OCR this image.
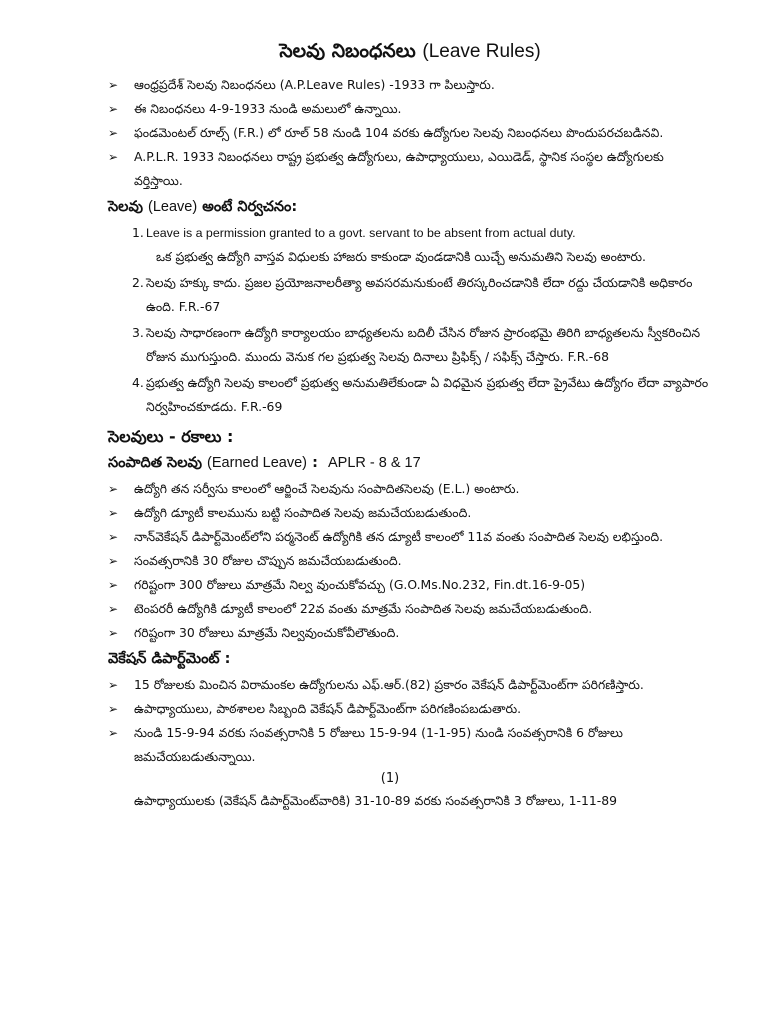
సెలవు నిబంధనలు (Leave Rules)
➢ ఆంధ్రప్రదేశ్ సెలవు నిబంధనలు (A.P.Leave Rules) -1933 గా పిలుస్తారు.
➢ ఈ నిబంధనలు 4-9-1933 నుండి అమలులో ఉన్నాయి.
➢ ఫండమెంటల్ రూల్స్ (F.R.) లో రూల్ 58 నుండి 104 వరకు ఉద్యోగుల సెలవు నిబంధనలు పొందుపరచబడినవి.
➢ A.P.L.R. 1933 నిబంధనలు రాష్ట్ర ప్రభుత్వ ఉద్యోగులు, ఉపాధ్యాయులు, ఎయిడెడ్, స్థానిక సంస్థల ఉద్యోగులకు వర్తిస్తాయి.
సెలవు (Leave) అంటే నిర్వచనం:
1. Leave is a permission granted to a govt. servant to be absent from actual duty.
ఒక ప్రభుత్వ ఉద్యోగి వాస్తవ విధులకు హాజరు కాకుండా వుండడానికి యిచ్చే అనుమతిని సెలవు అంటారు.
2. సెలవు హక్కు కాదు. ప్రజల ప్రయోజనాలరీత్యా అవసరమనుకుంటే తిరస్కరించడానికి లేదా రద్దు చేయడానికి అధికారం ఉంది. F.R.-67
3. సెలవు సాధారణంగా ఉద్యోగి కార్యాలయం బాధ్యతలను బదిలీ చేసిన రోజున ప్రారంభమై తిరిగి బాధ్యతలను స్వీకరించిన రోజున ముగుస్తుంది. ముందు వెనుక గల ప్రభుత్వ సెలవు దినాలు ప్రిఫిక్స్ / సఫిక్స్ చేస్తారు. F.R.-68
4. ప్రభుత్వ ఉద్యోగి సెలవు కాలంలో ప్రభుత్వ అనుమతిలేకుండా ఏ విధమైన ప్రభుత్వ లేదా ప్రైవేటు ఉద్యోగం లేదా వ్యాపారం నిర్వహించకూడదు. F.R.-69
సెలవులు - రకాలు :
సంపాదిత సెలవు (Earned Leave) : APLR - 8 & 17
➢ ఉద్యోగి తన సర్వీసు కాలంలో ఆర్జించే సెలవును సంపాదితసెలవు (E.L.) అంటారు.
➢ ఉద్యోగి డ్యూటీ కాలమును బట్టి సంపాదిత సెలవు జమచేయబడుతుంది.
➢ నాన్‌వెకేషన్ డిపార్ట్‌మెంట్‌లోని పర్మనెంట్ ఉద్యోగికి తన డ్యూటీ కాలంలో 11వ వంతు సంపాదిత సెలవు లభిస్తుంది.
➢ సంవత్సరానికి 30 రోజుల చొప్పున జమచేయబడుతుంది.
➢ గరిష్టంగా 300 రోజులు మాత్రమే నిల్వ వుంచుకోవచ్చు (G.O.Ms.No.232, Fin.dt.16-9-05)
➢ టెంపరరీ ఉద్యోగికి డ్యూటీ కాలంలో 22వ వంతు మాత్రమే సంపాదిత సెలవు జమచేయబడుతుంది.
➢ గరిష్టంగా 30 రోజులు మాత్రమే నిల్వవుంచుకోవీలౌతుంది.
వెకేషన్ డిపార్ట్‌మెంట్ :
➢ 15 రోజులకు మించిన విరామంకల ఉద్యోగులను ఎఫ్.ఆర్.(82) ప్రకారం వెకేషన్ డిపార్ట్‌మెంట్‌గా పరిగణిస్తారు.
➢ ఉపాధ్యాయులు, పాఠశాలల సిబ్బంది వెకేషన్ డిపార్ట్‌మెంట్‌గా పరిగణింపబడుతారు.
➢	నుండి 15-9-94 వరకు సంవత్సరానికి 5 రోజులు 15-9-94 (1-1-95) నుండి సంవత్సరానికి 6 రోజులు జమచేయబడుతున్నాయి.
(1)
ఉపాధ్యాయులకు (వెకేషన్ డిపార్ట్‌మెంట్‌వారికి) 31-10-89 వరకు సంవత్సరానికి 3 రోజులు, 1-11-89
